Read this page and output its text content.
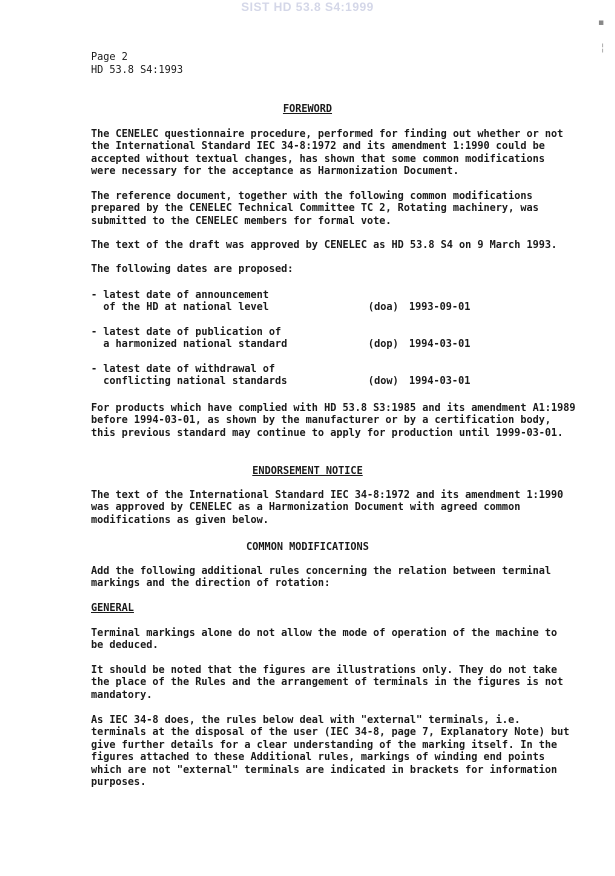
SIST HD 53.8 S4:1999
Page 2
HD 53.8 S4:1993
FOREWORD
The CENELEC questionnaire procedure, performed for finding out whether or not
the International Standard IEC 34-8:1972 and its amendment 1:1990 could be
accepted without textual changes, has shown that some common modifications
were necessary for the acceptance as Harmonization Document.
The reference document, together with the following common modifications
prepared by the CENELEC Technical Committee TC 2, Rotating machinery, was
submitted to the CENELEC members for formal vote.
The text of the draft was approved by CENELEC as HD 53.8 S4 on 9 March 1993.
The following dates are proposed:
- latest date of announcement
of the HD at national level	(doa) 1993-09-01
- latest date of publication of
a harmonized national standard	(dop) 1994-03-01
- latest date of withdrawal of
conflicting national standards	(dow) 1994-03-01
For products which have complied with HD 53.8 S3:1985 and its amendment A1:1989
before 1994-03-01, as shown by the manufacturer or by a certification body,
this previous standard may continue to apply for production until 1999-03-01.
ENDORSEMENT NOTICE
The text of the International Standard IEC 34-8:1972 and its amendment 1:1990
was approved by CENELEC as a Harmonization Document with agreed common
modifications as given below.
COMMON MODIFICATIONS
Add the following additional rules concerning the relation between terminal
markings and the direction of rotation:
GENERAL
Terminal markings alone do not allow the mode of operation of the machine to
be deduced.
It should be noted that the figures are illustrations only. They do not take
the place of the Rules and the arrangement of terminals in the figures is not
mandatory.
As IEC 34-8 does, the rules below deal with "external" terminals, i.e.
terminals at the disposal of the user (IEC 34-8, page 7, Explanatory Note) but
give further details for a clear understanding of the marking itself. In the
figures attached to these Additional rules, markings of winding end points
which are not "external" terminals are indicated in brackets for information
purposes.
▪
╎
